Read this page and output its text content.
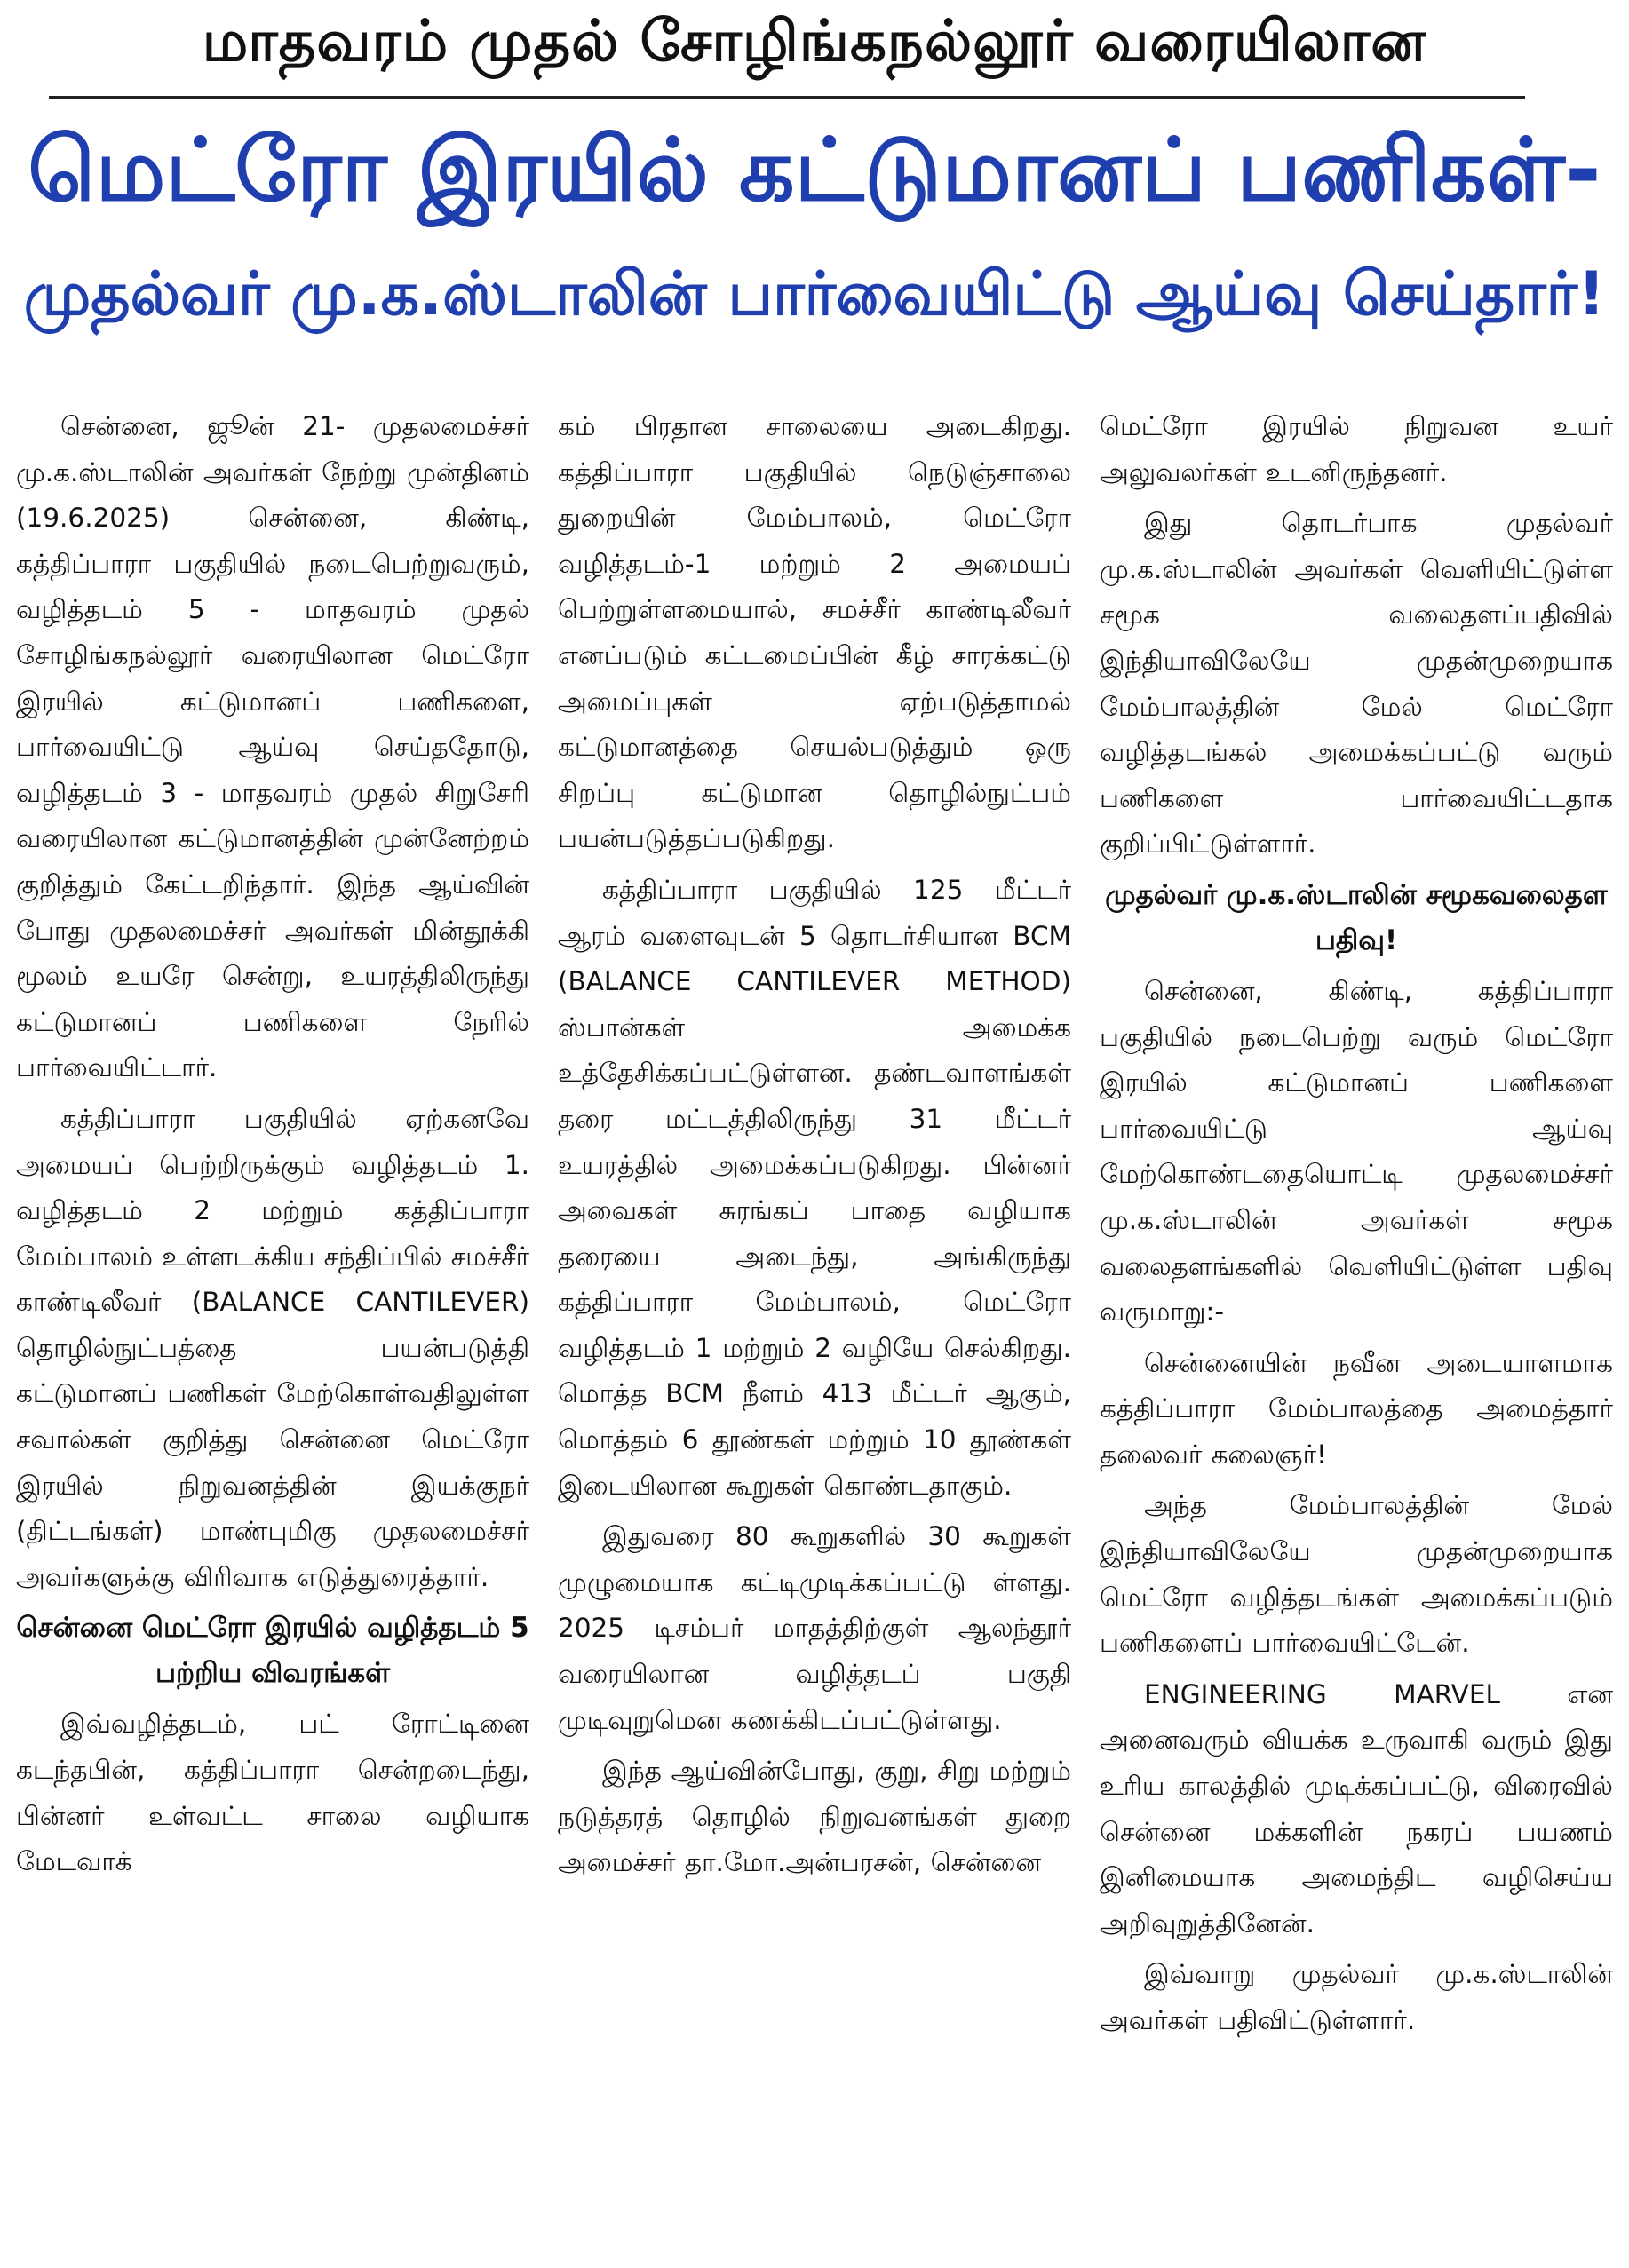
மாதவரம் முதல் சோழிங்கநல்லூர் வரையிலான
மெட்ரோ இரயில் கட்டுமானப் பணிகள்-
முதல்வர் மு.க.ஸ்டாலின் பார்வையிட்டு ஆய்வு செய்தார்!

சென்னை, ஜூன் 21- முதலமைச்சர் மு.க.ஸ்டாலின் அவர்கள் நேற்று முன்தினம் (19.6.2025) சென்னை, கிண்டி, கத்திப்பாரா பகுதியில் நடைபெற்றுவரும், வழித்தடம் 5 - மாதவரம் முதல் சோழிங்கநல்லூர் வரையிலான மெட்ரோ இரயில் கட்டுமானப் பணிகளை, பார்வையிட்டு ஆய்வு செய்ததோடு, வழித்தடம் 3 - மாதவரம் முதல் சிறுசேரி வரையிலான கட்டுமானத்தின் முன்னேற்றம் குறித்தும் கேட்டறிந்தார். இந்த ஆய்வின் போது முதலமைச்சர் அவர்கள் மின்தூக்கி மூலம் உயரே சென்று, உயரத்திலிருந்து கட்டுமானப் பணிகளை நேரில் பார்வையிட்டார்.

கத்திப்பாரா பகுதியில் ஏற்கனவே அமையப் பெற்றிருக்கும் வழித்தடம் 1. வழித்தடம் 2 மற்றும் கத்திப்பாரா மேம்பாலம் உள்ளடக்கிய சந்திப்பில் சமச்சீர் காண்டிலீவர் (BALANCE CANTILEVER) தொழில்நுட்பத்தை பயன்படுத்தி கட்டுமானப் பணிகள் மேற்கொள்வதிலுள்ள சவால்கள் குறித்து சென்னை மெட்ரோ இரயில் நிறுவனத்தின் இயக்குநர் (திட்டங்கள்) மாண்புமிகு முதலமைச்சர் அவர்களுக்கு விரிவாக எடுத்துரைத்தார்.

சென்னை மெட்ரோ இரயில் வழித்தடம் 5 பற்றிய விவரங்கள்

இவ்வழித்தடம், பட் ரோட்டினை கடந்தபின், கத்திப்பாரா சென்றடைந்து, பின்னர் உள்வட்ட சாலை வழியாக மேடவாக்

கம் பிரதான சாலையை அடைகிறது. கத்திப்பாரா பகுதியில் நெடுஞ்சாலை துறையின் மேம்பாலம், மெட்ரோ வழித்தடம்-1 மற்றும் 2 அமையப் பெற்றுள்ளமையால், சமச்சீர் காண்டிலீவர் எனப்படும் கட்டமைப்பின் கீழ் சாரக்கட்டு அமைப்புகள் ஏற்படுத்தாமல் கட்டுமானத்தை செயல்படுத்தும் ஒரு சிறப்பு கட்டுமான தொழில்நுட்பம் பயன்படுத்தப்படுகிறது.

கத்திப்பாரா பகுதியில் 125 மீட்டர் ஆரம் வளைவுடன் 5 தொடர்சியான BCM (BALANCE CANTILEVER METHOD) ஸ்பான்கள் அமைக்க உத்தேசிக்கப்பட்டுள்ளன. தண்டவாளங்கள் தரை மட்டத்திலிருந்து 31 மீட்டர் உயரத்தில் அமைக்கப்படுகிறது. பின்னர் அவைகள் சுரங்கப் பாதை வழியாக தரையை அடைந்து, அங்கிருந்து கத்திப்பாரா மேம்பாலம், மெட்ரோ வழித்தடம் 1 மற்றும் 2 வழியே செல்கிறது. மொத்த BCM நீளம் 413 மீட்டர் ஆகும், மொத்தம் 6 தூண்கள் மற்றும் 10 தூண்கள் இடையிலான கூறுகள் கொண்டதாகும்.

இதுவரை 80 கூறுகளில் 30 கூறுகள் முழுமையாக கட்டிமுடிக்கப்பட்டு ள்ளது. 2025 டிசம்பர் மாதத்திற்குள் ஆலந்தூர் வரையிலான வழித்தடப் பகுதி முடிவுறுமென கணக்கிடப்பட்டுள்ளது.

இந்த ஆய்வின்போது, குறு, சிறு மற்றும் நடுத்தரத் தொழில் நிறுவனங்கள் துறை அமைச்சர் தா.மோ.அன்பரசன், சென்னை

மெட்ரோ இரயில் நிறுவன உயர் அலுவலர்கள் உடனிருந்தனர்.

இது தொடர்பாக முதல்வர் மு.க.ஸ்டாலின் அவர்கள் வெளியிட்டுள்ள சமூக வலைதளப்பதிவில் இந்தியாவிலேயே முதன்முறையாக மேம்பாலத்தின் மேல் மெட்ரோ வழித்தடங்கல் அமைக்கப்பட்டு வரும் பணிகளை பார்வையிட்டதாக குறிப்பிட்டுள்ளார்.

முதல்வர் மு.க.ஸ்டாலின் சமூகவலைதள பதிவு!

சென்னை, கிண்டி, கத்திப்பாரா பகுதியில் நடைபெற்று வரும் மெட்ரோ இரயில் கட்டுமானப் பணிகளை பார்வையிட்டு ஆய்வு மேற்கொண்டதையொட்டி முதலமைச்சர் மு.க.ஸ்டாலின் அவர்கள் சமூக வலைதளங்களில் வெளியிட்டுள்ள பதிவு வருமாறு:-

சென்னையின் நவீன அடையாளமாக கத்திப்பாரா மேம்பாலத்தை அமைத்தார் தலைவர் கலைஞர்!

அந்த மேம்பாலத்தின் மேல் இந்தியாவிலேயே முதன்முறையாக மெட்ரோ வழித்தடங்கள் அமைக்கப்படும் பணிகளைப் பார்வையிட்டேன்.

ENGINEERING MARVEL என அனைவரும் வியக்க உருவாகி வரும் இது உரிய காலத்தில் முடிக்கப்பட்டு, விரைவில் சென்னை மக்களின் நகரப் பயணம் இனிமையாக அமைந்திட வழிசெய்ய அறிவுறுத்தினேன்.

இவ்வாறு முதல்வர் மு.க.ஸ்டாலின் அவர்கள் பதிவிட்டுள்ளார்.
